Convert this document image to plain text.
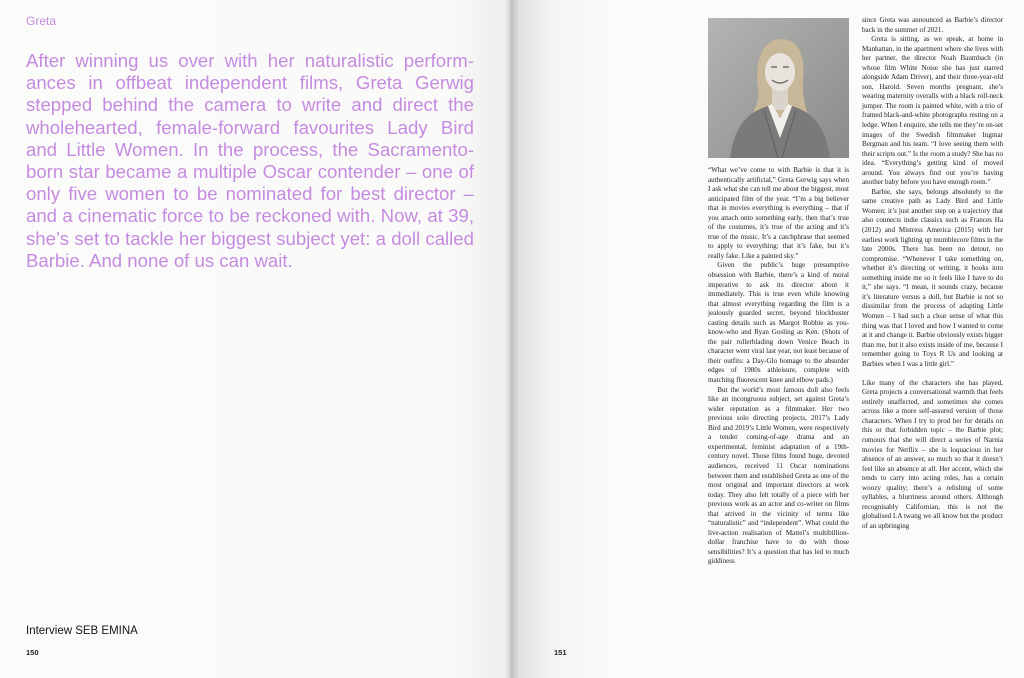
Greta

After winning us over with her naturalistic performances in offbeat independent films, Greta Gerwig stepped behind the camera to write and direct the wholehearted, female-forward favourites Lady Bird and Little Women. In the process, the Sacramento-born star became a multiple Oscar contender – one of only five women to be nominated for best director – and a cinematic force to be reckoned with. Now, at 39, she’s set to tackle her biggest subject yet: a doll called Barbie. And none of us can wait.

Interview SEB EMINA
150	151

“What we’ve come to with Barbie is that it is authentically artificial,” Greta Gerwig says when I ask what she can tell me about the biggest, most anticipated film of the year. “I’m a big believer that in movies everything is everything – that if you attach onto something early, then that’s true of the costumes, it’s true of the acting and it’s true of the music. It’s a catchphrase that seemed to apply to everything: that it’s fake, but it’s really fake. Like a painted sky.”

Given the public’s huge presumptive obsession with Barbie, there’s a kind of moral imperative to ask its director about it immediately. This is true even while knowing that almost everything regarding the film is a jealously guarded secret, beyond blockbuster casting details such as Margot Robbie as you-know-who and Ryan Gosling as Ken. (Shots of the pair rollerblading down Venice Beach in character went viral last year, not least because of their outfits: a Day-Glo homage to the absurder edges of 1980s athleisure, complete with matching fluorescent knee and elbow pads.)

But the world’s most famous doll also feels like an incongruous subject, set against Greta’s wider reputation as a filmmaker. Her two previous solo directing projects, 2017’s Lady Bird and 2019’s Little Women, were respectively a tender coming-of-age drama and an experimental, feminist adaptation of a 19th-century novel. Those films found huge, devoted audiences, received 11 Oscar nominations between them and established Greta as one of the most original and important directors at work today. They also felt totally of a piece with her previous work as an actor and co-writer on films that arrived in the vicinity of terms like “naturalistic” and “independent”. What could the live-action realisation of Mattel’s multibillion-dollar franchise have to do with those sensibilities? It’s a question that has led to much giddiness

since Greta was announced as Barbie’s director back in the summer of 2021.

Greta is sitting, as we speak, at home in Manhattan, in the apartment where she lives with her partner, the director Noah Baumbach (in whose film White Noise she has just starred alongside Adam Driver), and their three-year-old son, Harold. Seven months pregnant, she’s wearing maternity overalls with a black roll-neck jumper. The room is painted white, with a trio of framed black-and-white photographs resting on a ledge. When I enquire, she tells me they’re on-set images of the Swedish filmmaker Ingmar Bergman and his team. “I love seeing them with their scripts out.” Is the room a study? She has no idea. “Everything’s getting kind of moved around. You always find out you’re having another baby before you have enough room.”

Barbie, she says, belongs absolutely to the same creative path as Lady Bird and Little Women; it’s just another step on a trajectory that also connects indie classics such as Frances Ha (2012) and Mistress America (2015) with her earliest work lighting up mumblecore films in the late 2000s. There has been no detour, no compromise. “Whenever I take something on, whether it’s directing or writing, it hooks into something inside me so it feels like I have to do it,” she says. “I mean, it sounds crazy, because it’s literature versus a doll, but Barbie is not so dissimilar from the process of adapting Little Women – I had such a clear sense of what this thing was that I loved and how I wanted to come at it and change it. Barbie obviously exists bigger than me, but it also exists inside of me, because I remember going to Toys R Us and looking at Barbies when I was a little girl.”

Like many of the characters she has played, Greta projects a conversational warmth that feels entirely unaffected, and sometimes she comes across like a more self-assured version of those characters. When I try to prod her for details on this or that forbidden topic – the Barbie plot; rumours that she will direct a series of Narnia movies for Netflix – she is loquacious in her absence of an answer, so much so that it doesn’t feel like an absence at all. Her accent, which she tends to carry into acting roles, has a certain woozy quality; there’s a relishing of some syllables, a blurriness around others. Although recognisably Californian, this is not the globalised LA twang we all know but the product of an upbringing
